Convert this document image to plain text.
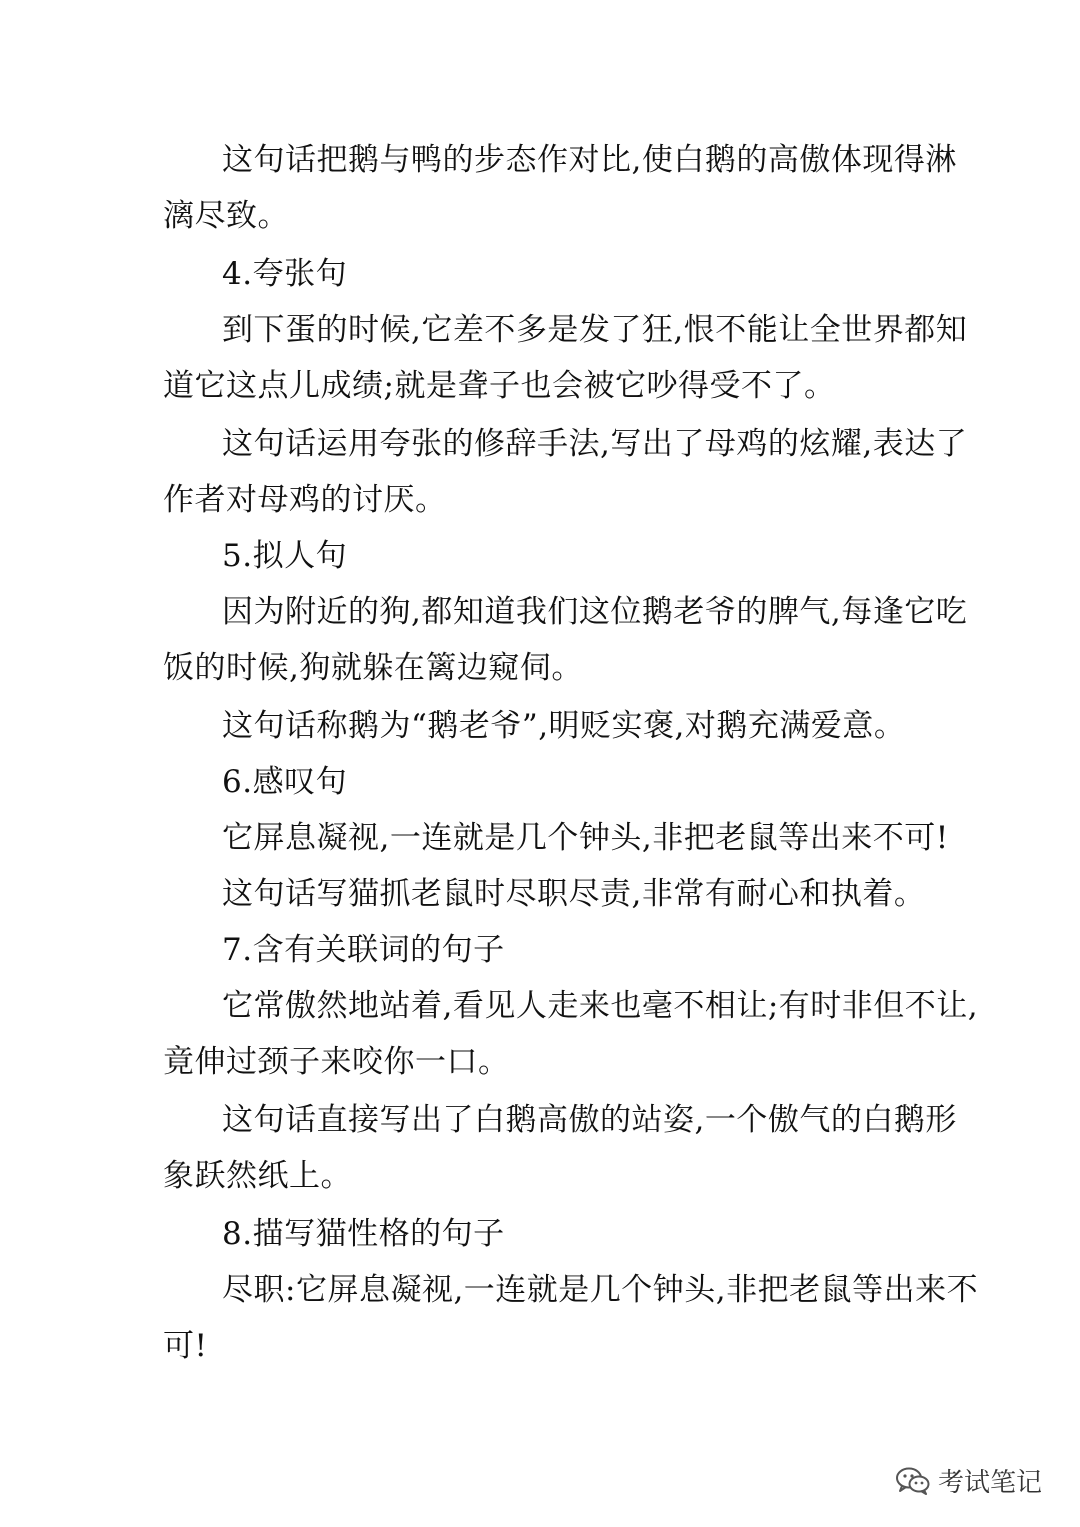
这句话把鹅与鸭的步态作对比,使白鹅的高傲体现得淋
漓尽致。
4.夸张句
到下蛋的时候,它差不多是发了狂,恨不能让全世界都知
道它这点儿成绩;就是聋子也会被它吵得受不了。
这句话运用夸张的修辞手法,写出了母鸡的炫耀,表达了
作者对母鸡的讨厌。
5.拟人句
因为附近的狗,都知道我们这位鹅老爷的脾气,每逢它吃
饭的时候,狗就躲在篱边窥伺。
这句话称鹅为“鹅老爷”,明贬实褒,对鹅充满爱意。
6.感叹句
它屏息凝视,一连就是几个钟头,非把老鼠等出来不可!
这句话写猫抓老鼠时尽职尽责,非常有耐心和执着。
7.含有关联词的句子
它常傲然地站着,看见人走来也毫不相让;有时非但不让,
竟伸过颈子来咬你一口。
这句话直接写出了白鹅高傲的站姿,一个傲气的白鹅形
象跃然纸上。
8.描写猫性格的句子
尽职:它屏息凝视,一连就是几个钟头,非把老鼠等出来不
可!
考试笔记
